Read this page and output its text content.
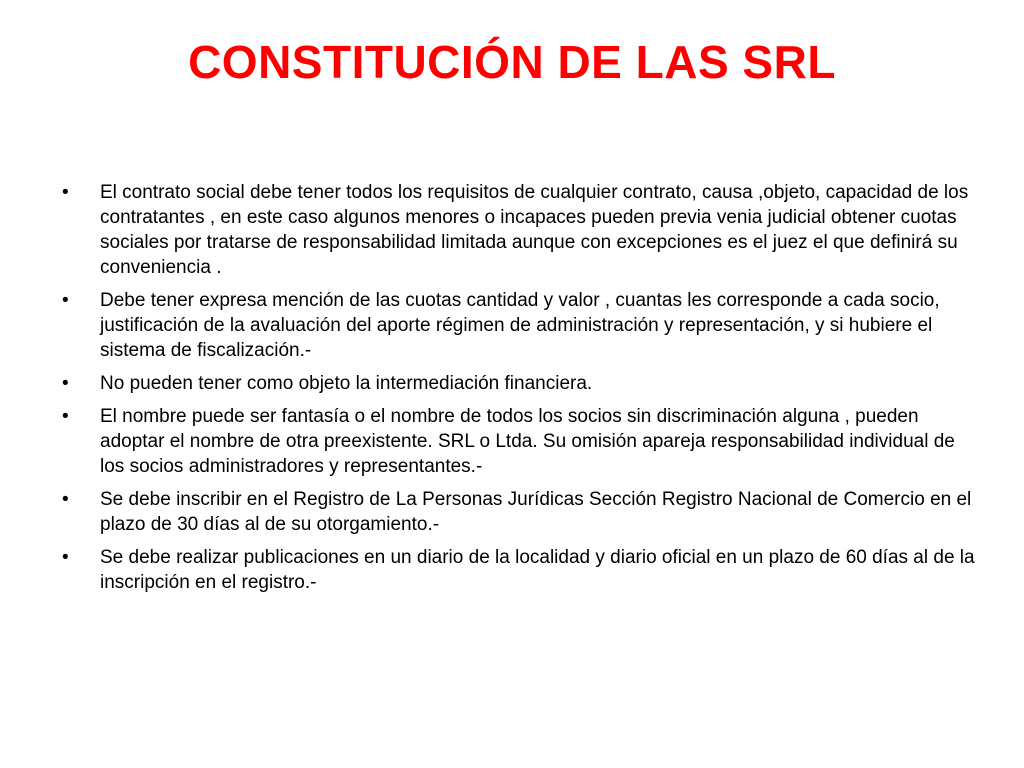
CONSTITUCIÓN DE LAS SRL
•	El contrato social debe tener todos los requisitos de cualquier contrato, causa ,objeto, capacidad de los contratantes , en este caso algunos menores o incapaces pueden previa venia judicial obtener cuotas sociales por tratarse de responsabilidad limitada aunque con excepciones es el juez el que definirá su conveniencia .
•	Debe tener expresa mención de las cuotas cantidad y valor , cuantas les corresponde a cada socio, justificación de la avaluación del aporte régimen de administración y representación, y si hubiere el sistema de fiscalización.-
•	No pueden tener como objeto la intermediación financiera.
•	El nombre puede ser fantasía o el nombre de todos los socios sin discriminación alguna , pueden adoptar el nombre de otra preexistente. SRL o Ltda. Su omisión apareja responsabilidad individual de los socios administradores y representantes.-
•	Se debe inscribir en el Registro de La Personas Jurídicas Sección Registro Nacional de Comercio en el plazo de 30 días al de su otorgamiento.-
•	Se debe realizar publicaciones en un diario de la localidad y diario oficial en un plazo de 60 días al de la inscripción en el registro.-
